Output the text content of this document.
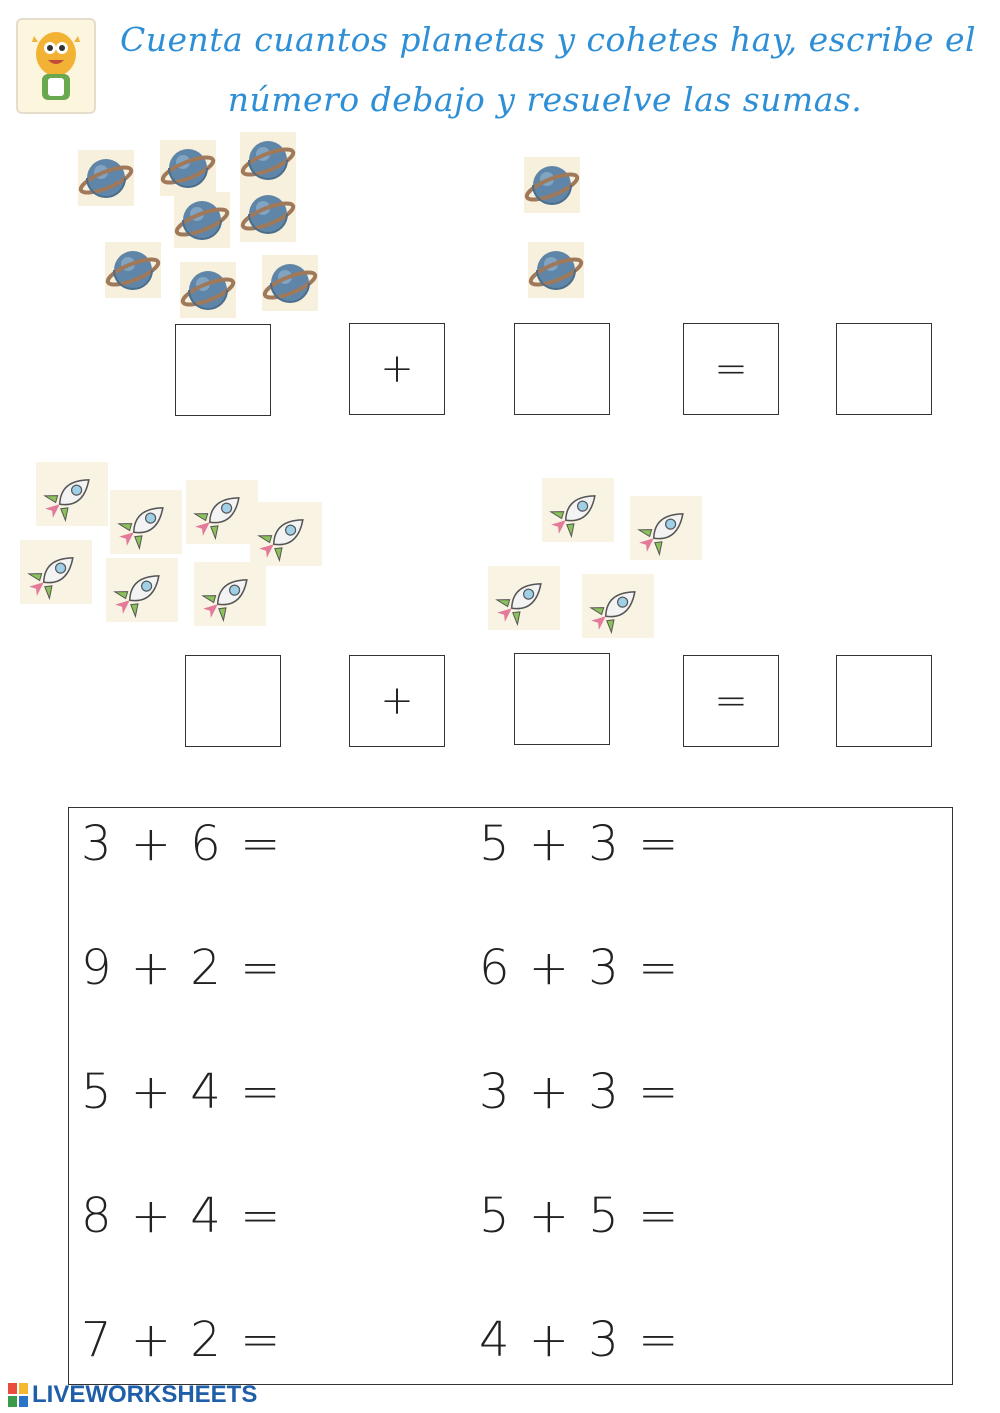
Cuenta cuantos planetas y cohetes hay, escribe el
número debajo y resuelve las sumas.
+	=
+	=
3 + 6 =
9 + 2 =
5 + 4 =
8 + 4 =
7 + 2 =
5 + 3 =
6 + 3 =
3 + 3 =
5 + 5 =
4 + 3 =
LIVEWORKSHEETS
